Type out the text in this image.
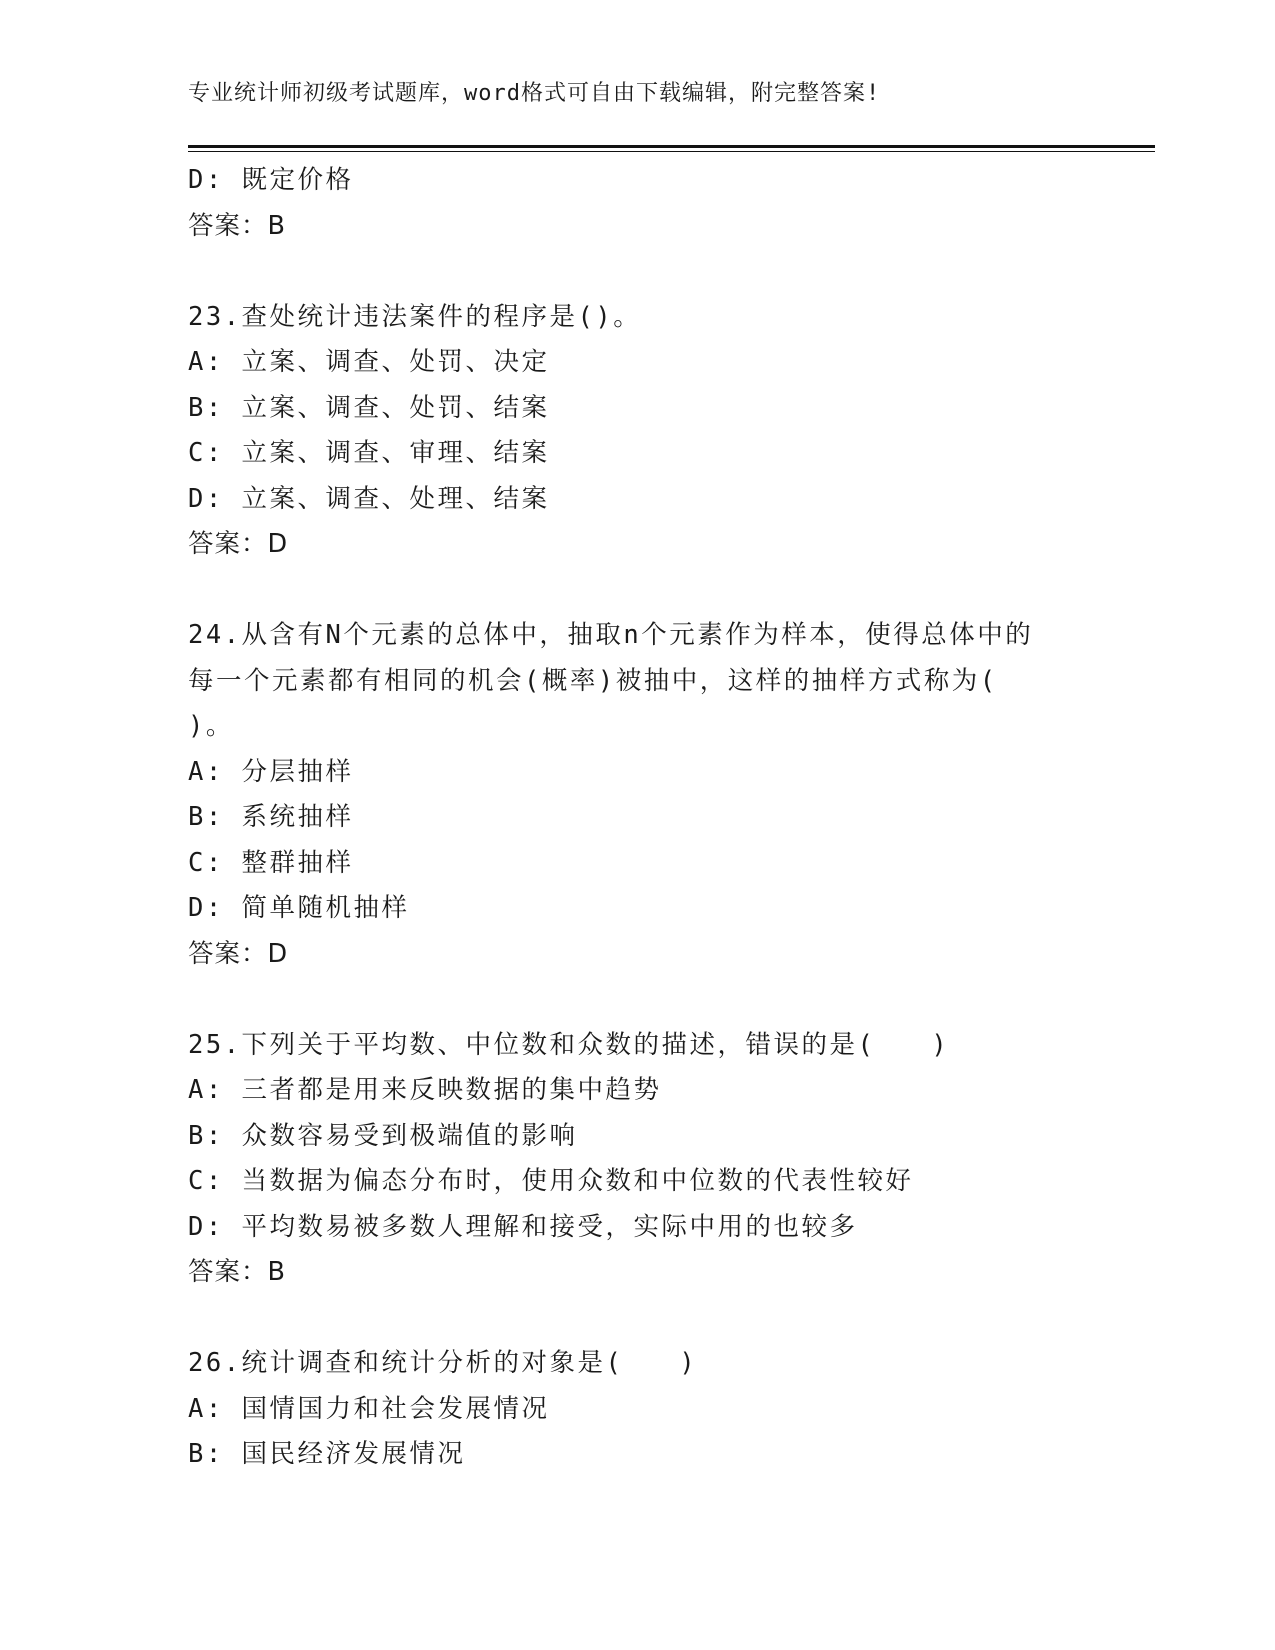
专业统计师初级考试题库，word格式可自由下载编辑，附完整答案!
D: 既定价格
答案：B
23.查处统计违法案件的程序是()。
A: 立案、调查、处罚、决定
B: 立案、调查、处罚、结案
C: 立案、调查、审理、结案
D: 立案、调查、处理、结案
答案：D
24.从含有N个元素的总体中，抽取n个元素作为样本，使得总体中的
每一个元素都有相同的机会(概率)被抽中，这样的抽样方式称为(
)。
A: 分层抽样
B: 系统抽样
C: 整群抽样
D: 简单随机抽样
答案：D
25.下列关于平均数、中位数和众数的描述，错误的是(　　)
A: 三者都是用来反映数据的集中趋势
B: 众数容易受到极端值的影响
C: 当数据为偏态分布时，使用众数和中位数的代表性较好
D: 平均数易被多数人理解和接受，实际中用的也较多
答案：B
26.统计调查和统计分析的对象是(　　)
A: 国情国力和社会发展情况
B: 国民经济发展情况
